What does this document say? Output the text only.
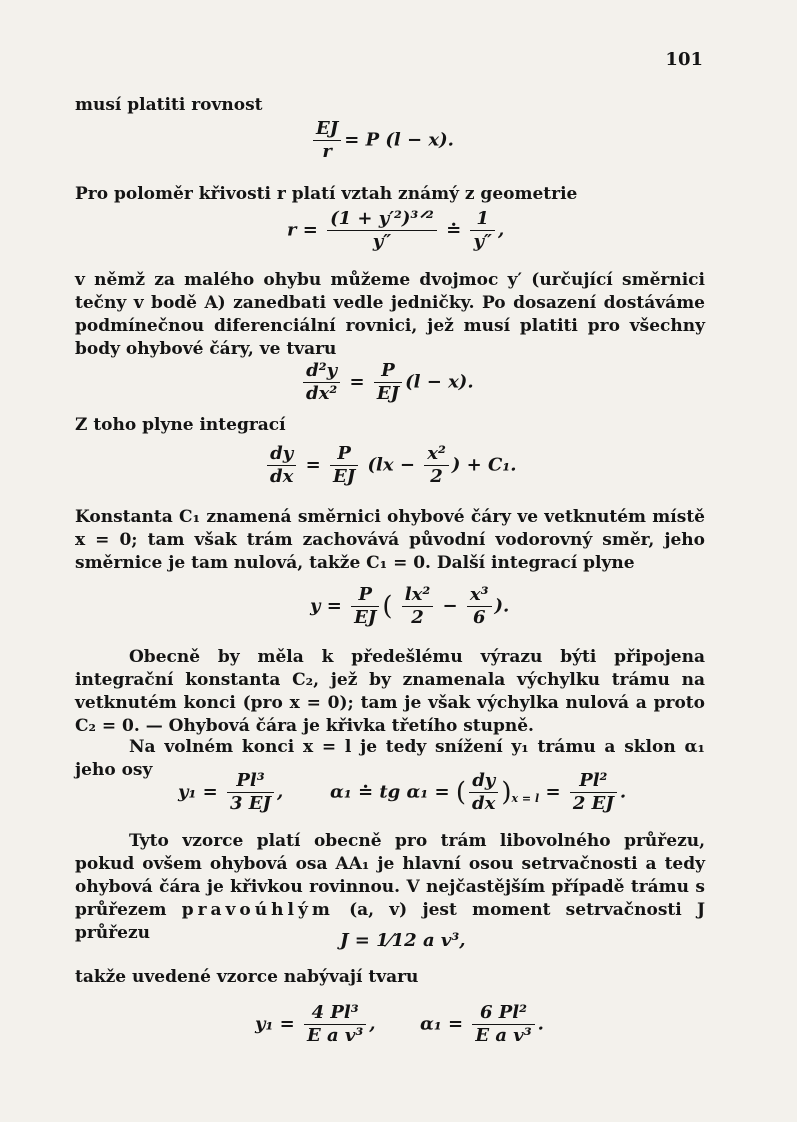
101
musí platiti rovnost
$\frac{EJ}{r} = P$ (l − x).
Pro poloměr křivosti r platí vztah známý z geometrie
$r = \frac{\text{(1 + y′²)³ᐟ²}}{y''}$ ≐ $\frac{1}{y''}$ ,
v němž za malého ohybu můžeme dvojmoc y′ (určující směrnici tečny v bodě A) zanedbati vedle jedničky. Po dosazení dostáváme podmínečnou diferenciální rovnici, jež musí platiti pro všechny body ohybové čáry, ve tvaru
$\frac{\text{d²y}}{\text{dx²}} = \frac{P}{EJ} (l - x)$.
Z toho plyne integrací
$\frac{dy}{dx} = \frac{P}{EJ} (lx - \frac{\text{x²}}{2}$ ) + C₁.
Konstanta C₁ znamená směrnici ohybové čáry ve vetknutém místě x = 0; tam však trám zachovává původní vodorovný směr, jeho směrnice je tam nulová, takže C₁ = 0. Další integrací plyne
$y = \frac{P}{EJ}$ ( $\frac{\text{lx²}}{2} - \frac{\text{x³}}{6}$ ).
Obecně by měla k předešlému výrazu býti připojena integrační konstanta C₂, jež by znamenala výchylku trámu na vetknutém konci (pro x = 0); tam je však výchylka nulová a proto C₂ = 0. — Ohybová čára je křivka třetího stupně.
Na volném konci x = l je tedy snížení y₁ trámu a sklon α₁ jeho osy
$y_1 = \frac{\text{Pl³}}{3 EJ}$ ,	α₁ ≐ tg α₁ = ( $\frac{dy}{dx} )_{x = l} = \frac{\text{Pl²}}{2 EJ}$ .
Tyto vzorce platí obecně pro trám libovolného průřezu, pokud ovšem ohybová osa AA₁ je hlavní osou setrvačnosti a tedy ohybová čára je křivkou rovinnou. V nejčastějším případě trámu s průřezem pravoúhlým (a, v) jest moment setrvačnosti J průřezu	J = 1⁄12 a v³,
takže uvedené vzorce nabývají tvaru
$y_1 = \frac{\text{4 Pl³}}{\text{E a v³}}$ , $\alpha_1 = \frac{\text{6 Pl²}}{\text{E a v³}}$ .
